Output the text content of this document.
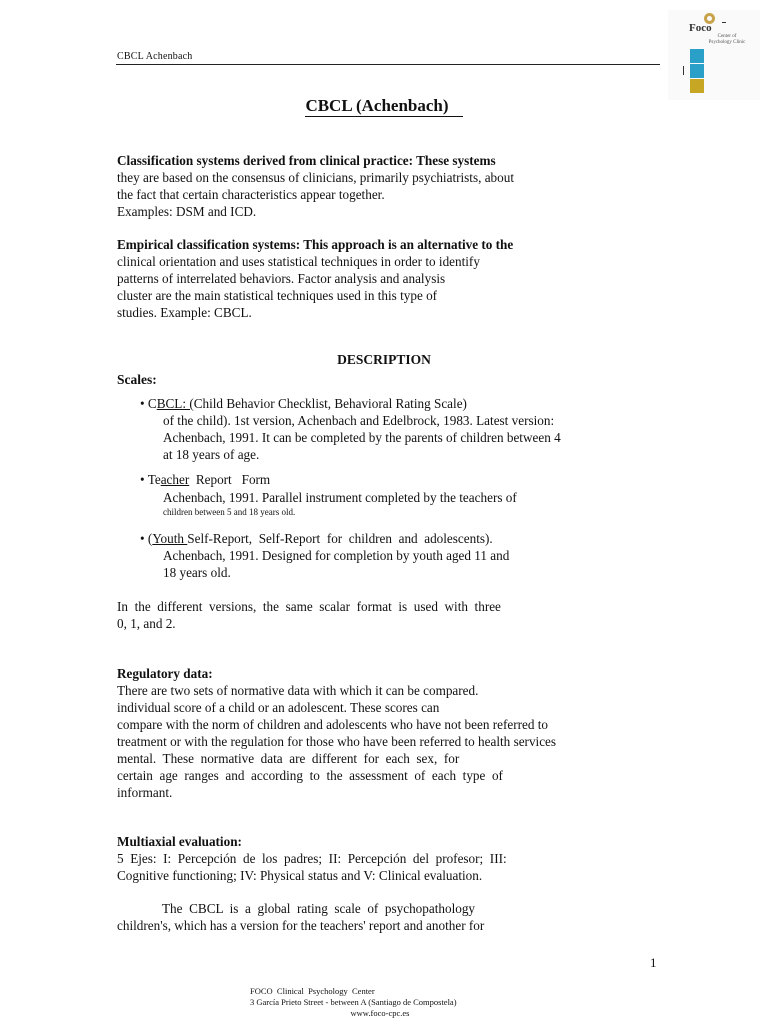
CBCL Achenbach
Foco
Center of Psychology Clinic
CBCL (Achenbach)

Classification systems derived from clinical practice: These systems

they are based on the consensus of clinicians, primarily psychiatrists, about

the fact that certain characteristics appear together.

Examples: DSM and ICD.

Empirical classification systems: This approach is an alternative to the

clinical orientation and uses statistical techniques in order to identify

patterns of interrelated behaviors. Factor analysis and analysis

cluster are the main statistical techniques used in this type of

studies. Example: CBCL.

DESCRIPTION
Scales:
• CBCL: (Child Behavior Checklist, Behavioral Rating Scale)
of the child). 1st version, Achenbach and Edelbrock, 1983. Latest version:
Achenbach, 1991. It can be completed by the parents of children between 4
at 18 years of age.
• Teacher  Report   Form
Achenbach, 1991. Parallel instrument completed by the teachers of
children between 5 and 18 years old.
• (Youth Self-Report,  Self-Report  for  children  and  adolescents).
Achenbach, 1991. Designed for completion by youth aged 11 and
18 years old.

In  the  different  versions,  the  same  scalar  format  is  used  with  three

0, 1, and 2.

Regulatory data:

There are two sets of normative data with which it can be compared.

individual score of a child or an adolescent. These scores can

compare with the norm of children and adolescents who have not been referred to

treatment or with the regulation for those who have been referred to health services

mental.  These  normative  data  are  different  for  each  sex,  for

certain  age  ranges  and  according  to  the  assessment  of  each  type  of

informant.

Multiaxial evaluation:

5  Ejes:  I:  Percepción  de  los  padres;  II:  Percepción  del  profesor;  III:

Cognitive functioning; IV: Physical status and V: Clinical evaluation.

The  CBCL  is  a  global  rating  scale  of  psychopathology

children's, which has a version for the teachers' report and another for

1
FOCO  Clinical  Psychology  Center
3 García Prieto Street - between A (Santiago de Compostela)
www.foco-cpc.es
